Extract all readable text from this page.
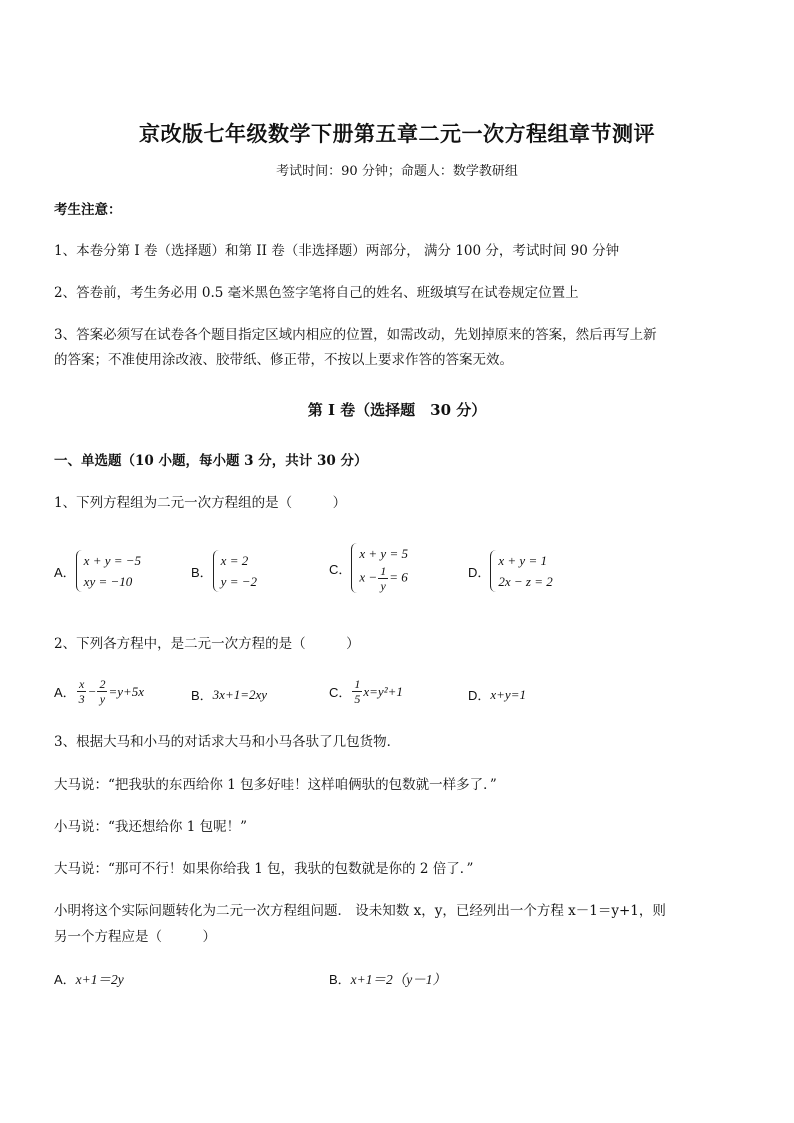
京改版七年级数学下册第五章二元一次方程组章节测评
考试时间：90 分钟；命题人：数学教研组
考生注意：
1、本卷分第 I 卷（选择题）和第 II 卷（非选择题）两部分， 满分 100 分，考试时间 90 分钟
2、答卷前，考生务必用 0.5 毫米黑色签字笔将自己的姓名、班级填写在试卷规定位置上
3、答案必须写在试卷各个题目指定区域内相应的位置，如需改动，先划掉原来的答案，然后再写上新
的答案；不准使用涂改液、胶带纸、修正带，不按以上要求作答的答案无效。
第 I 卷（选择题　30 分）
一、单选题（10 小题，每小题 3 分，共计 30 分）
1、下列方程组为二元一次方程组的是（　　　）
A．
x + y = −5
xy = −10
B．
x = 2
y = −2
C．
x + y = 5
$x - \frac{1}{y} = 6$	D．
x + y = 1
2x − z = 2
2、下列各方程中，是二元一次方程的是（　　　）
A． $\frac{x}{3} - \frac{2}{y} =y+5x$	B． 3x+1=2xy	C． $\frac{1}{5} x=y^2+1$	D． x+y=1
3、根据大马和小马的对话求大马和小马各驮了几包货物．
大马说：“把我驮的东西给你 1 包多好哇！这样咱俩驮的包数就一样多了．”
小马说：“我还想给你 1 包呢！”
大马说：“那可不行！如果你给我 1 包，我驮的包数就是你的 2 倍了．”
小明将这个实际问题转化为二元一次方程组问题． 设未知数 x，y，已经列出一个方程 x－1＝y+1，则
另一个方程应是（　　　）
A．x+1＝2y	B．x+1＝2（y－1）
